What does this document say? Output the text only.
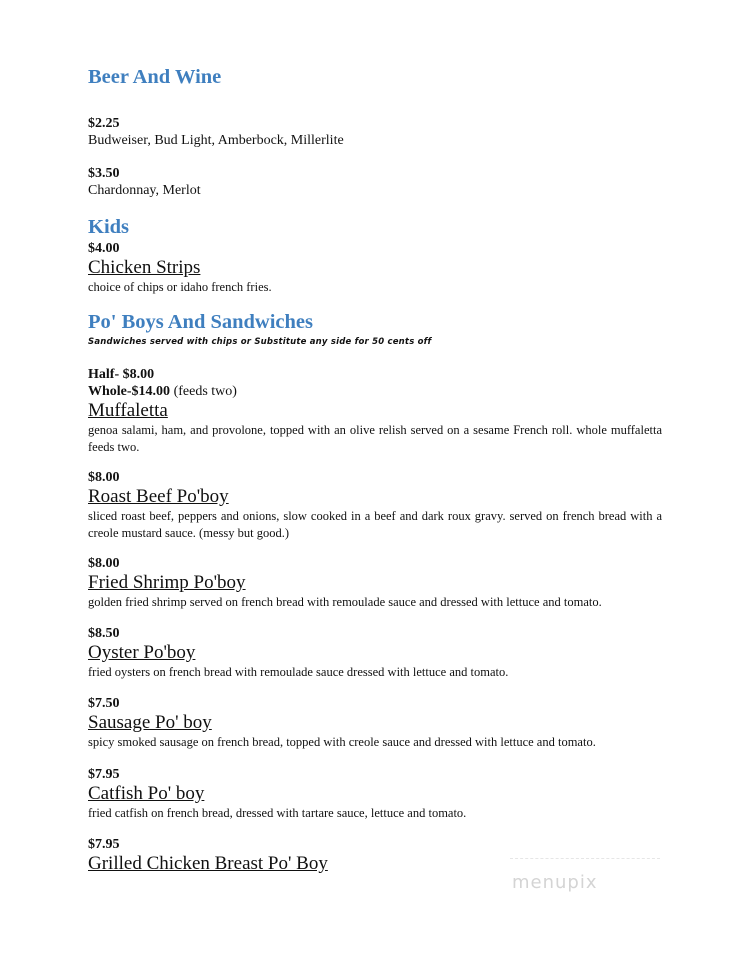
Beer And Wine

$2.25

Budweiser, Bud Light, Amberbock, Millerlite

$3.50

Chardonnay, Merlot

Kids

$4.00

Chicken Strips

choice of chips or idaho french fries.

Po' Boys And Sandwiches

Sandwiches served with chips or Substitute any side for 50 cents off

Half- $8.00

Whole-$14.00 (feeds two)

Muffaletta

genoa salami, ham, and provolone, topped with an olive relish served on a sesame French roll. whole muffaletta feeds two.

$8.00

Roast Beef Po'boy

sliced roast beef, peppers and onions, slow cooked in a beef and dark roux gravy. served on french bread with a creole mustard sauce. (messy but good.)

$8.00

Fried Shrimp Po'boy

golden fried shrimp served on french bread with remoulade sauce and dressed with lettuce and tomato.

$8.50

Oyster Po'boy

fried oysters on french bread with remoulade sauce dressed with lettuce and tomato.

$7.50

Sausage Po' boy

spicy smoked sausage on french bread, topped with creole sauce and dressed with lettuce and tomato.

$7.95

Catfish Po' boy

fried catfish on french bread, dressed with tartare sauce, lettuce and tomato.

$7.95

Grilled Chicken Breast Po' Boy

menupix
